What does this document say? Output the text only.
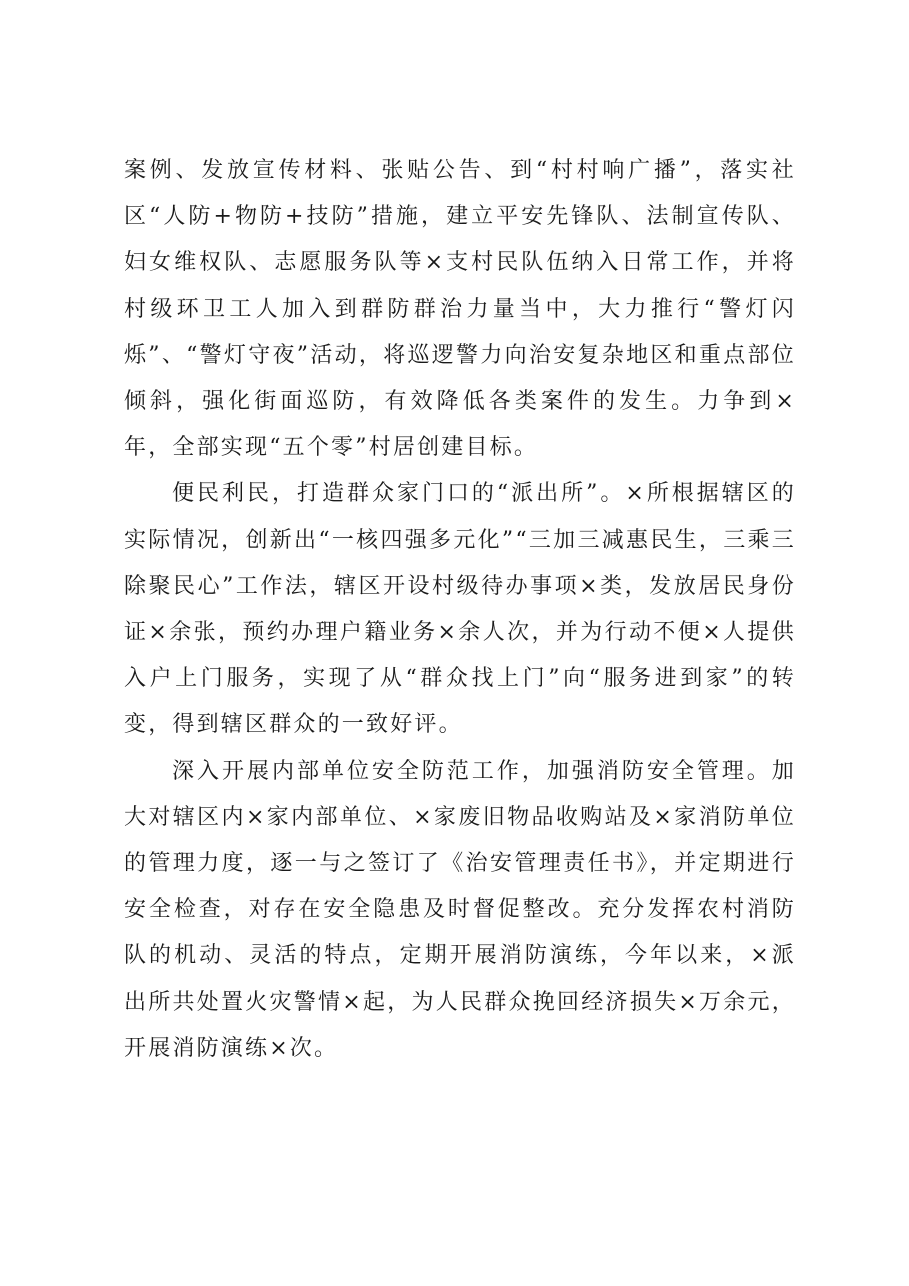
案例、发放宣传材料、张贴公告、到“村村响广播”，落实社区“人防+物防+技防”措施，建立平安先锋队、法制宣传队、妇女维权队、志愿服务队等×支村民队伍纳入日常工作，并将村级环卫工人加入到群防群治力量当中，大力推行“警灯闪烁”、“警灯守夜”活动，将巡逻警力向治安复杂地区和重点部位倾斜，强化街面巡防，有效降低各类案件的发生。力争到×年，全部实现“五个零”村居创建目标。

便民利民，打造群众家门口的“派出所”。×所根据辖区的实际情况，创新出“一核四强多元化”“三加三减惠民生，三乘三除聚民心”工作法，辖区开设村级待办事项×类，发放居民身份证×余张，预约办理户籍业务×余人次，并为行动不便×人提供入户上门服务，实现了从“群众找上门”向“服务进到家”的转变，得到辖区群众的一致好评。

深入开展内部单位安全防范工作，加强消防安全管理。加大对辖区内×家内部单位、×家废旧物品收购站及×家消防单位的管理力度，逐一与之签订了《治安管理责任书》，并定期进行安全检查，对存在安全隐患及时督促整改。充分发挥农村消防队的机动、灵活的特点，定期开展消防演练，今年以来，×派出所共处置火灾警情×起，为人民群众挽回经济损失×万余元，开展消防演练×次。
